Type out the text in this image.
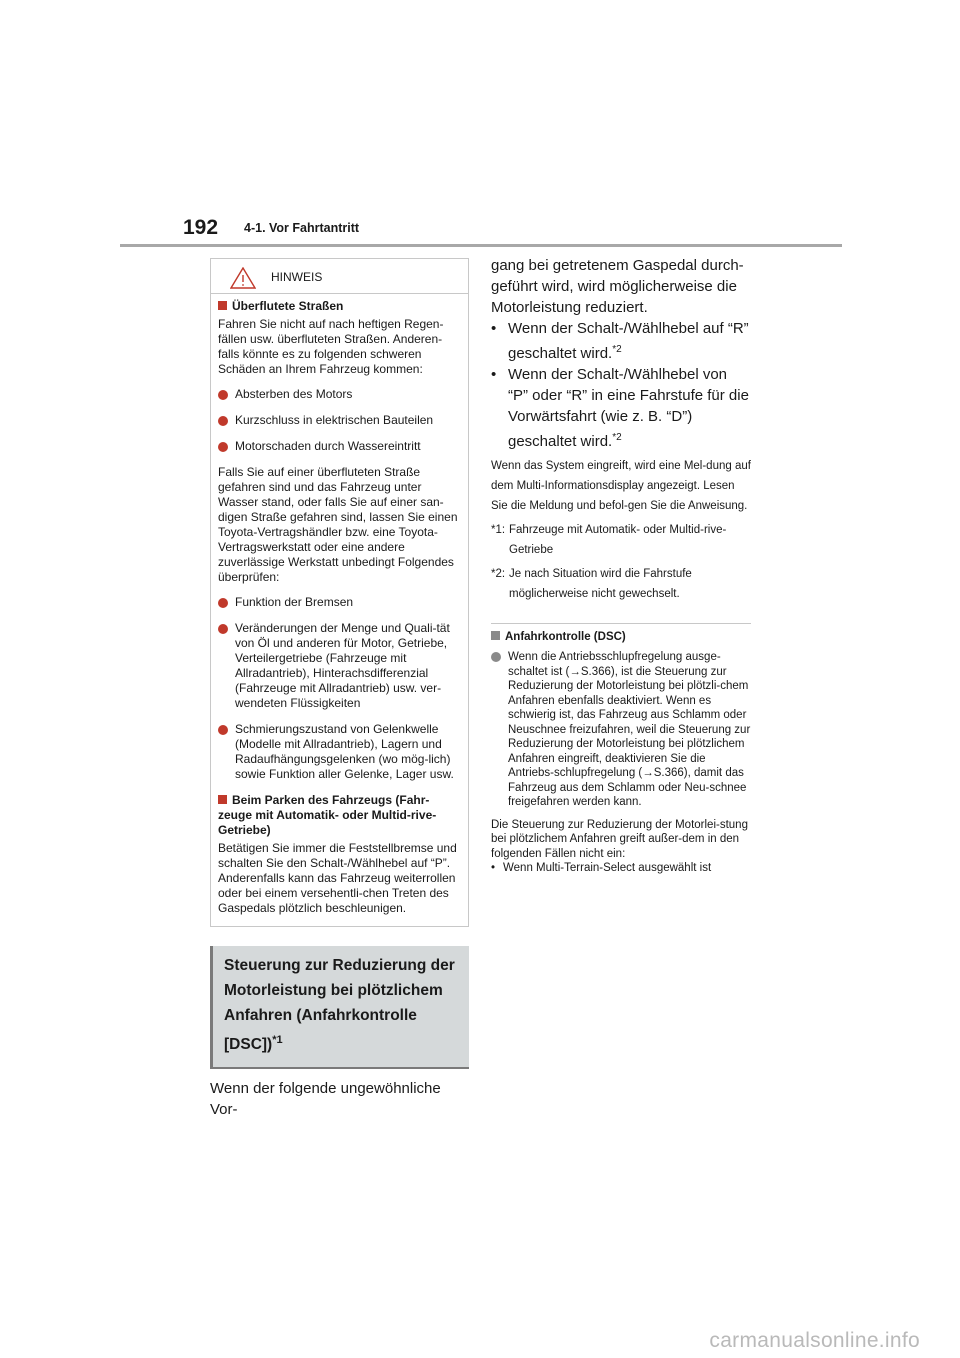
192 4-1. Vor Fahrtantritt
HINWEIS

Überflutete Straßen

Fahren Sie nicht auf nach heftigen Regen-fällen usw. überfluteten Straßen. Anderen-falls könnte es zu folgenden schweren Schäden an Ihrem Fahrzeug kommen:

Absterben des Motors
Kurzschluss in elektrischen Bauteilen
Motorschaden durch Wassereintritt

Falls Sie auf einer überfluteten Straße gefahren sind und das Fahrzeug unter Wasser stand, oder falls Sie auf einer san-digen Straße gefahren sind, lassen Sie einen Toyota-Vertragshändler bzw. eine Toyota-Vertragswerkstatt oder eine andere zuverlässige Werkstatt unbedingt Folgendes überprüfen:

Funktion der Bremsen
Veränderungen der Menge und Quali-tät von Öl und anderen für Motor, Getriebe, Verteilergetriebe (Fahrzeuge mit Allradantrieb), Hinterachsdifferenzial (Fahrzeuge mit Allradantrieb) usw. ver-wendeten Flüssigkeiten
Schmierungszustand von Gelenkwelle (Modelle mit Allradantrieb), Lagern und Radaufhängungsgelenken (wo mög-lich) sowie Funktion aller Gelenke, Lager usw.

Beim Parken des Fahrzeugs (Fahr-zeuge mit Automatik- oder Multid-rive-Getriebe)

Betätigen Sie immer die Feststellbremse und schalten Sie den Schalt-/Wählhebel auf “P”. Anderenfalls kann das Fahrzeug weiterrollen oder bei einem versehentli-chen Treten des Gaspedals plötzlich beschleunigen.

Steuerung zur Reduzierung der Motorleistung bei plötzlichem Anfahren (Anfahrkontrolle [DSC])$^{*1}$

Wenn der folgende ungewöhnliche Vor-

gang bei getretenem Gaspedal durch-geführt wird, wird möglicherweise die Motorleistung reduziert.

• Wenn der Schalt-/Wählhebel auf “R” geschaltet wird.$^{*2}$
• Wenn der Schalt-/Wählhebel von “P” oder “R” in eine Fahrstufe für die Vorwärtsfahrt (wie z. B. “D”) geschaltet wird.$^{*2}$

Wenn das System eingreift, wird eine Mel-dung auf dem Multi-Informationsdisplay angezeigt. Lesen Sie die Meldung und befol-gen Sie die Anweisung.

*1: Fahrzeuge mit Automatik- oder Multid-rive-Getriebe
*2: Je nach Situation wird die Fahrstufe möglicherweise nicht gewechselt.

Anfahrkontrolle (DSC)

Wenn die Antriebsschlupfregelung ausge-schaltet ist (→S.366), ist die Steuerung zur Reduzierung der Motorleistung bei plötzli-chem Anfahren ebenfalls deaktiviert. Wenn es schwierig ist, das Fahrzeug aus Schlamm oder Neuschnee freizufahren, weil die Steuerung zur Reduzierung der Motorleistung bei plötzlichem Anfahren eingreift, deaktivieren Sie die Antriebs-schlupfregelung (→S.366), damit das Fahrzeug aus dem Schlamm oder Neu-schnee freigefahren werden kann.

Die Steuerung zur Reduzierung der Motorlei-stung bei plötzlichem Anfahren greift außer-dem in den folgenden Fällen nicht ein:

• Wenn Multi-Terrain-Select ausgewählt ist
carmanualsonline.info
